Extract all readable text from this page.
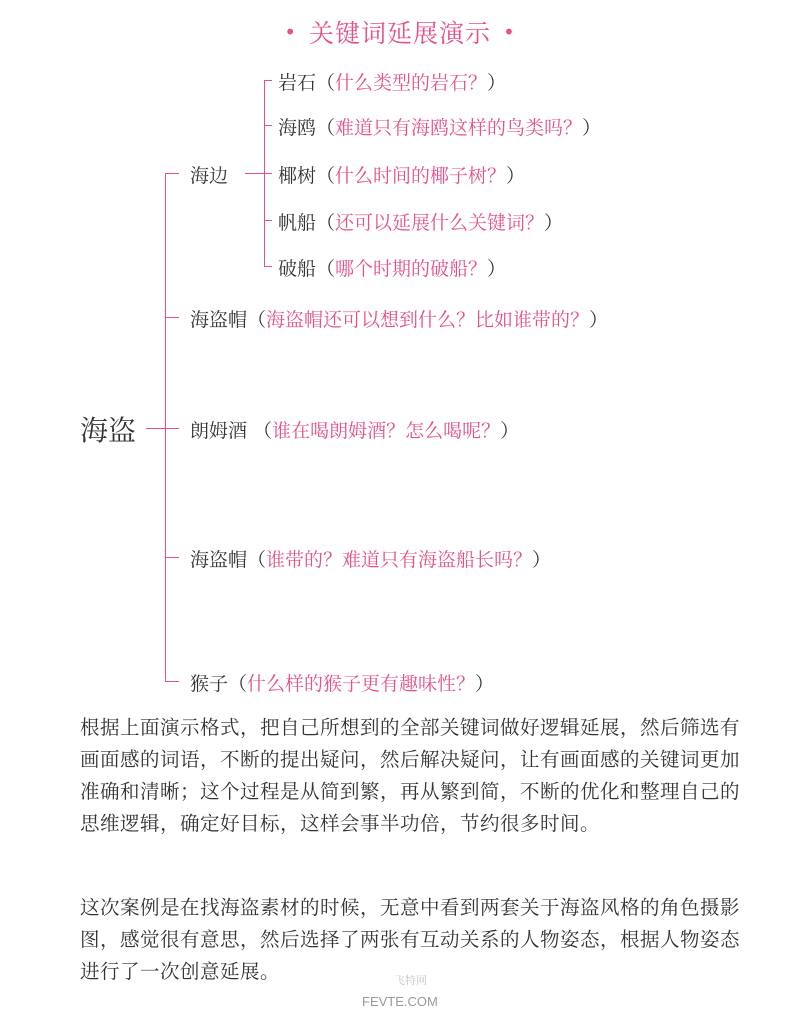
• 关键词延展演示 •
海盗
海边
海盗帽（海盗帽还可以想到什么？比如谁带的？）
朗姆酒 （谁在喝朗姆酒？怎么喝呢？）
海盗帽（谁带的？难道只有海盗船长吗？）
猴子（什么样的猴子更有趣味性？）
岩石（什么类型的岩石？）
海鸥（难道只有海鸥这样的鸟类吗？）
椰树（什么时间的椰子树？）
帆船（还可以延展什么关键词？）
破船（哪个时期的破船？）

根据上面演示格式，把自己所想到的全部关键词做好逻辑延展，然后筛选有画面感的词语，不断的提出疑问，然后解决疑问，让有画面感的关键词更加准确和清晰；这个过程是从简到繁，再从繁到简，不断的优化和整理自己的思维逻辑，确定好目标，这样会事半功倍，节约很多时间。

这次案例是在找海盗素材的时候，无意中看到两套关于海盗风格的角色摄影图，感觉很有意思，然后选择了两张有互动关系的人物姿态，根据人物姿态进行了一次创意延展。	飞特网
FEVTE.COM
